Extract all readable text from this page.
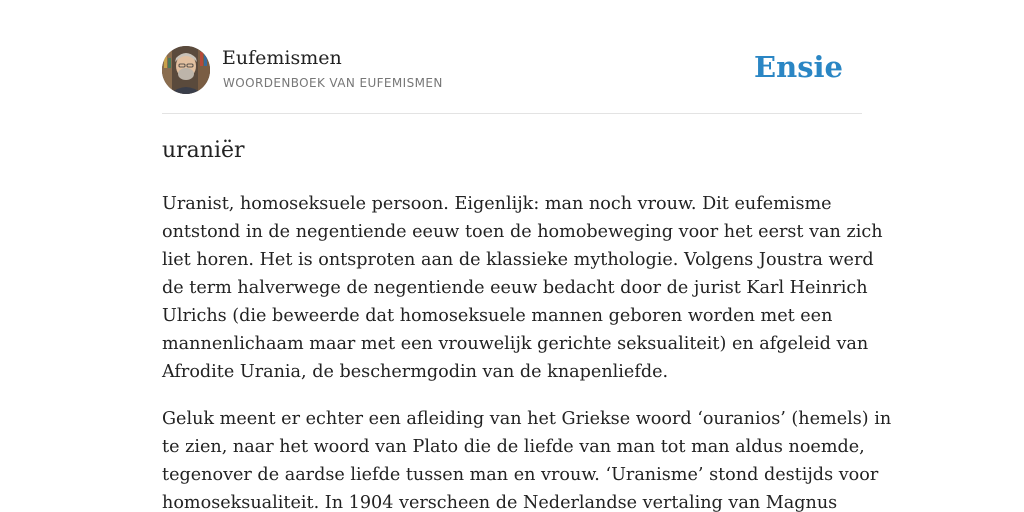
Eufemismen
WOORDENBOEK VAN EUFEMISMEN	Ensie
uraniër

Uranist, homoseksuele persoon. Eigenlijk: man noch vrouw. Dit eufemisme
ontstond in de negentiende eeuw toen de homobeweging voor het eerst van zich
liet horen. Het is ontsproten aan de klassieke mythologie. Volgens Joustra werd
de term halverwege de negentiende eeuw bedacht door de jurist Karl Heinrich
Ulrichs (die beweerde dat homoseksuele mannen geboren worden met een
mannenlichaam maar met een vrouwelijk gerichte seksualiteit) en afgeleid van
Afrodite Urania, de beschermgodin van de knapenliefde.

Geluk meent er echter een afleiding van het Griekse woord ‘ouranios’ (hemels) in
te zien, naar het woord van Plato die de liefde van man tot man aldus noemde,
tegenover de aardse liefde tussen man en vrouw. ‘Uranisme’ stond destijds voor
homoseksualiteit. In 1904 verscheen de Nederlandse vertaling van Magnus
